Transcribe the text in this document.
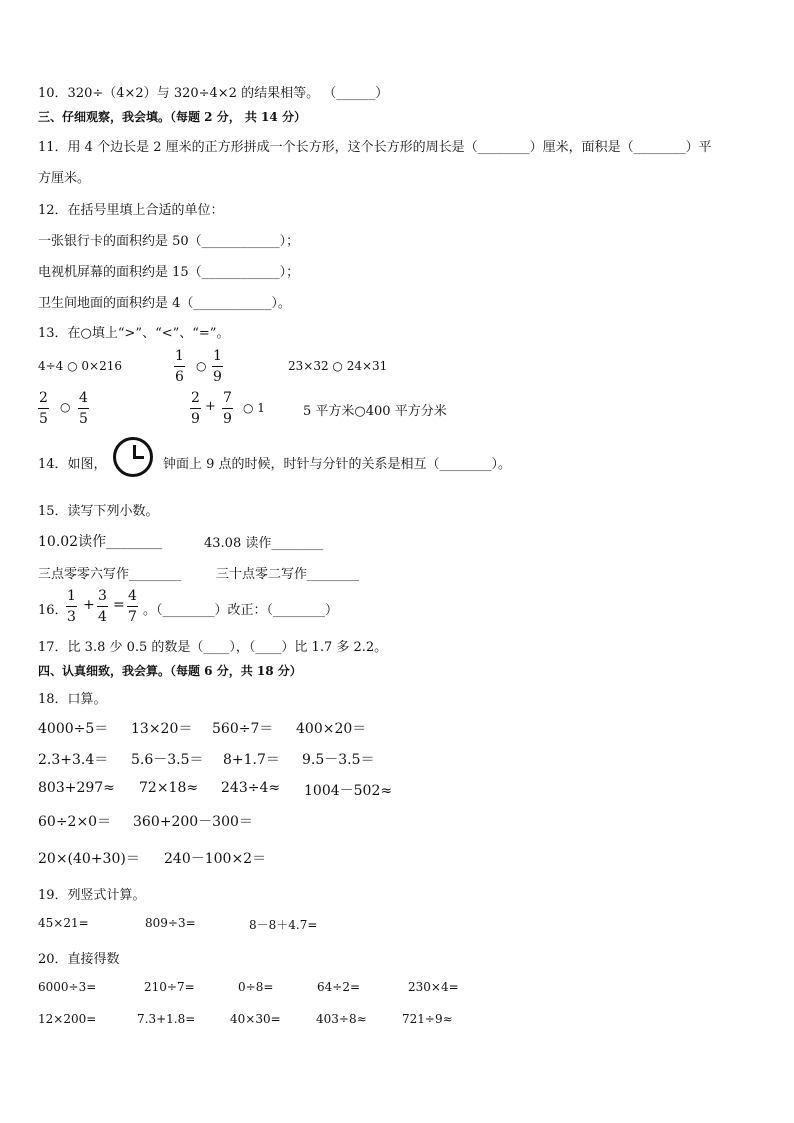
10．320÷（4×2）与 320÷4×2 的结果相等。 （______）
三、仔细观察，我会填。（每题 2 分， 共 14 分）
11．用 4 个边长是 2 厘米的正方形拼成一个长方形，这个长方形的周长是（________）厘米，面积是（________）平
方厘米。
12．在括号里填上合适的单位：
一张银行卡的面积约是 50（____________）；
电视机屏幕的面积约是 15（____________）；
卫生间地面的面积约是 4（____________）。
13．在○填上“>”、“<”、“=”。
4÷4 ○ 0×216
1
6
○
1
9
23×32 ○ 24×31
2
5
○
4
5
2
9
+
7
9
○ 1	5 平方米○400 平方分米
14．如图，	钟面上 9 点的时候，时针与分针的关系是相互（________）。
15．读写下列小数。
10.02读作________	43.08 读作________
三点零零六写作________	三十点零二写作________
16．
1
3
+
3
4
=
4
7 。（________）改正：（________）
17．比 3.8 少 0.5 的数是（____），（____）比 1.7 多 2.2。
四、认真细致，我会算。（每题 6 分，共 18 分）
18．口算。
4000÷5＝ 13×20＝ 560÷7＝ 400×20＝
2.3+3.4＝ 5.6－3.5＝ 8+1.7＝ 9.5－3.5＝
803+297≈ 72×18≈ 243÷4≈ 1004－502≈
60÷2×0＝ 360+200－300＝
20×(40+30)＝ 240－100×2＝
19．列竖式计算。
45×21=	809÷3=	8－8＋4.7=
20．直接得数
6000÷3=	210÷7=	0÷8=	64÷2=	230×4=
12×200=	7.3+1.8=	40×30=	403÷8≈	721÷9≈
